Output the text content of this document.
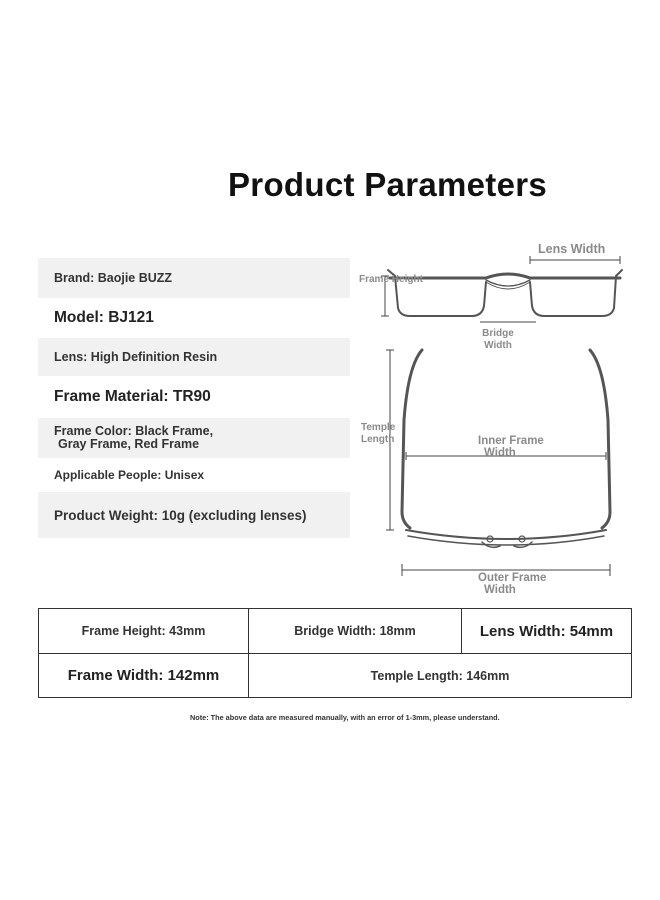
Product Parameters
Brand: Baojie BUZZ
Model: BJ121
Lens: High Definition Resin
Frame Material: TR90
Frame Color: Black Frame,
Gray Frame, Red Frame
Applicable People: Unisex
Product Weight: 10g (excluding lenses)
Lens Width
Frame Height
Bridge
Width
Temple
Length	Inner Frame
Width
Outer Frame
Width
Frame Height: 43mm	Bridge Width: 18mm	Lens Width: 54mm
Frame Width: 142mm	Temple Length: 146mm
Note: The above data are measured manually, with an error of 1-3mm, please understand.
